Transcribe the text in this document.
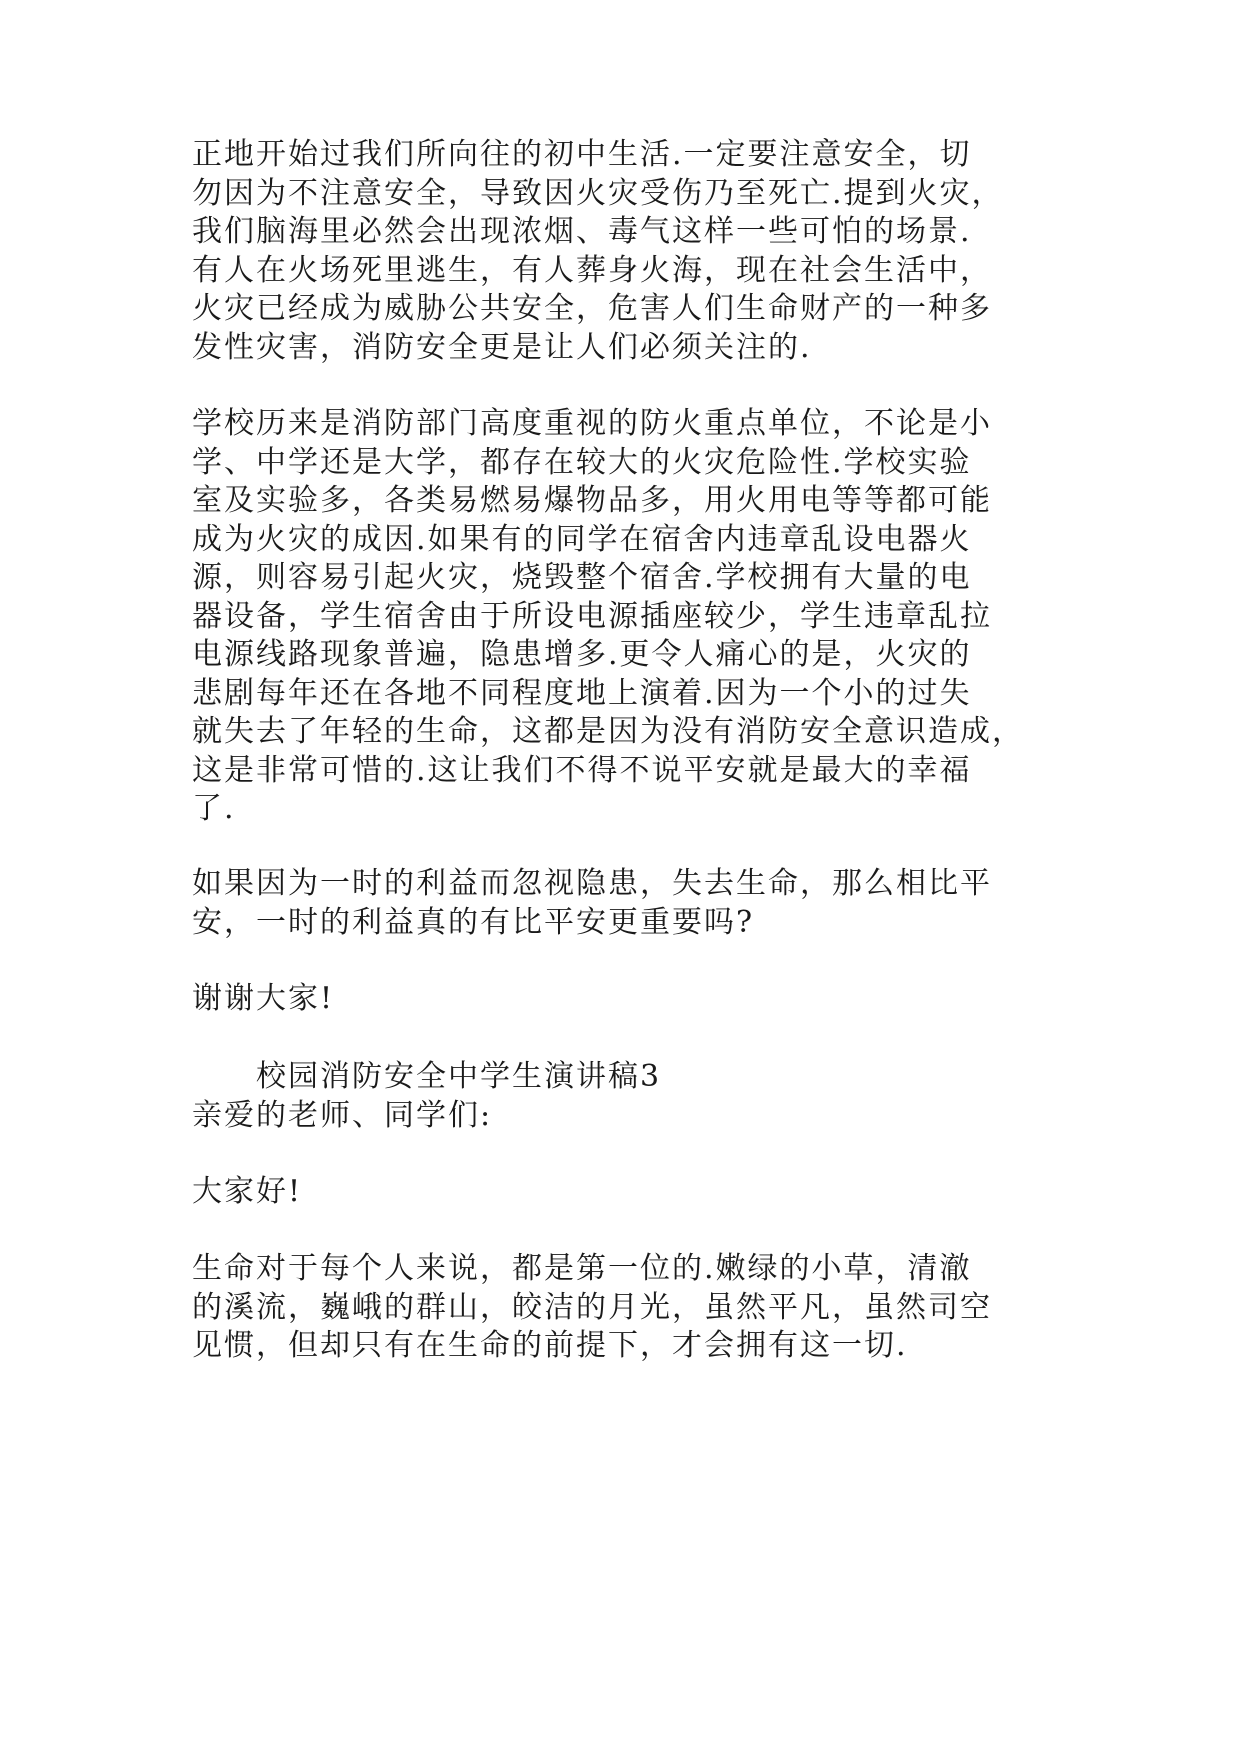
正地开始过我们所向往的初中生活.一定要注意安全，切
勿因为不注意安全，导致因火灾受伤乃至死亡.提到火灾，
我们脑海里必然会出现浓烟、毒气这样一些可怕的场景.
有人在火场死里逃生，有人葬身火海，现在社会生活中，
火灾已经成为威胁公共安全，危害人们生命财产的一种多
发性灾害，消防安全更是让人们必须关注的.
学校历来是消防部门高度重视的防火重点单位，不论是小
学、中学还是大学，都存在较大的火灾危险性.学校实验
室及实验多，各类易燃易爆物品多，用火用电等等都可能
成为火灾的成因.如果有的同学在宿舍内违章乱设电器火
源，则容易引起火灾，烧毁整个宿舍.学校拥有大量的电
器设备，学生宿舍由于所设电源插座较少，学生违章乱拉
电源线路现象普遍，隐患增多.更令人痛心的是，火灾的
悲剧每年还在各地不同程度地上演着.因为一个小的过失
就失去了年轻的生命，这都是因为没有消防安全意识造成，
这是非常可惜的.这让我们不得不说平安就是最大的幸福
了.
如果因为一时的利益而忽视隐患，失去生命，那么相比平
安，一时的利益真的有比平安更重要吗?
谢谢大家!
校园消防安全中学生演讲稿3
亲爱的老师、同学们:
大家好!
生命对于每个人来说，都是第一位的.嫩绿的小草，清澈
的溪流，巍峨的群山，皎洁的月光，虽然平凡，虽然司空
见惯，但却只有在生命的前提下，才会拥有这一切.
